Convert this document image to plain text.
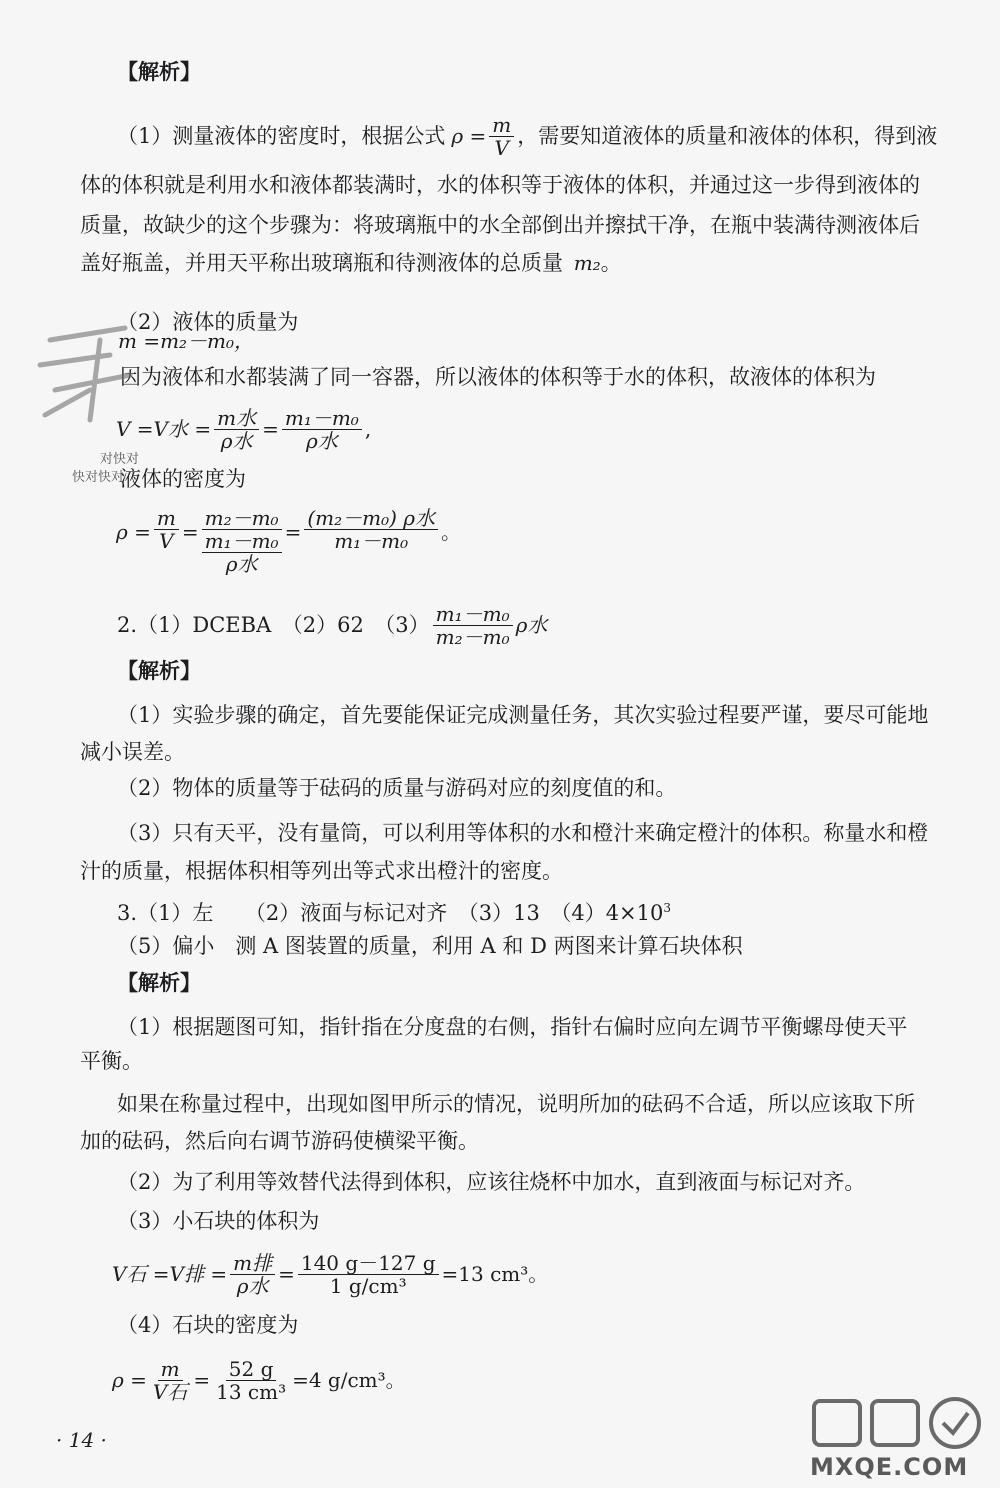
【解析】
（1）测量液体的密度时，根据公式 $\rho = \frac{m}{V}$ ，需要知道液体的质量和液体的体积，得到液
体的体积就是利用水和液体都装满时，水的体积等于液体的体积，并通过这一步得到液体的
质量，故缺少的这个步骤为：将玻璃瓶中的水全部倒出并擦拭干净，在瓶中装满待测液体后
盖好瓶盖，并用天平称出玻璃瓶和待测液体的总质量 m₂。
（2）液体的质量为
m =m₂－m₀，
因为液体和水都装满了同一容器，所以液体的体积等于水的体积，故液体的体积为
V =V水 = $\frac{\text{m水}}{\text{ρ水}} = \frac{\text{m₁－m₀}}{\text{ρ水}}$ ,
液体的密度为
$\rho = \frac{m}{V}$ =
m₂－m₀
m₁－m₀
ρ水
= $\frac{\text{(m₂－m₀) ρ水}}{\text{m₁－m₀}}$ 。
2.（1）DCEBA　（2）62　$(3) \frac{\text{m₁－m₀}}{\text{m₂－m₀}}$ ρ水
【解析】
（1）实验步骤的确定，首先要能保证完成测量任务，其次实验过程要严谨，要尽可能地
减小误差。
（2）物体的质量等于砝码的质量与游码对应的刻度值的和。
（3）只有天平，没有量筒，可以利用等体积的水和橙汁来确定橙汁的体积。称量水和橙
汁的质量，根据体积相等列出等式求出橙汁的密度。
3.（1）左　　（2）液面与标记对齐　（3）13　$(4)4\times 10^3$
（5）偏小　测 A 图装置的质量，利用 A 和 D 两图来计算石块体积
【解析】
（1）根据题图可知，指针指在分度盘的右侧，指针右偏时应向左调节平衡螺母使天平
平衡。
如果在称量过程中，出现如图甲所示的情况，说明所加的砝码不合适，所以应该取下所
加的砝码，然后向右调节游码使横梁平衡。
（2）为了利用等效替代法得到体积，应该往烧杯中加水，直到液面与标记对齐。
（3）小石块的体积为
V石 =V排 = $\frac{\text{m排}}{\text{ρ水}} = \frac{140 g-127 g}{\text{1 g/cm³}} =13$ cm³。
（4）石块的密度为
$\rho = \frac{m}{\text{V石}} = \frac{52 g}{\text{13 cm³}} =4$ g/cm³。
· 14 ·
对快对
快对快对
MXQE.COM
